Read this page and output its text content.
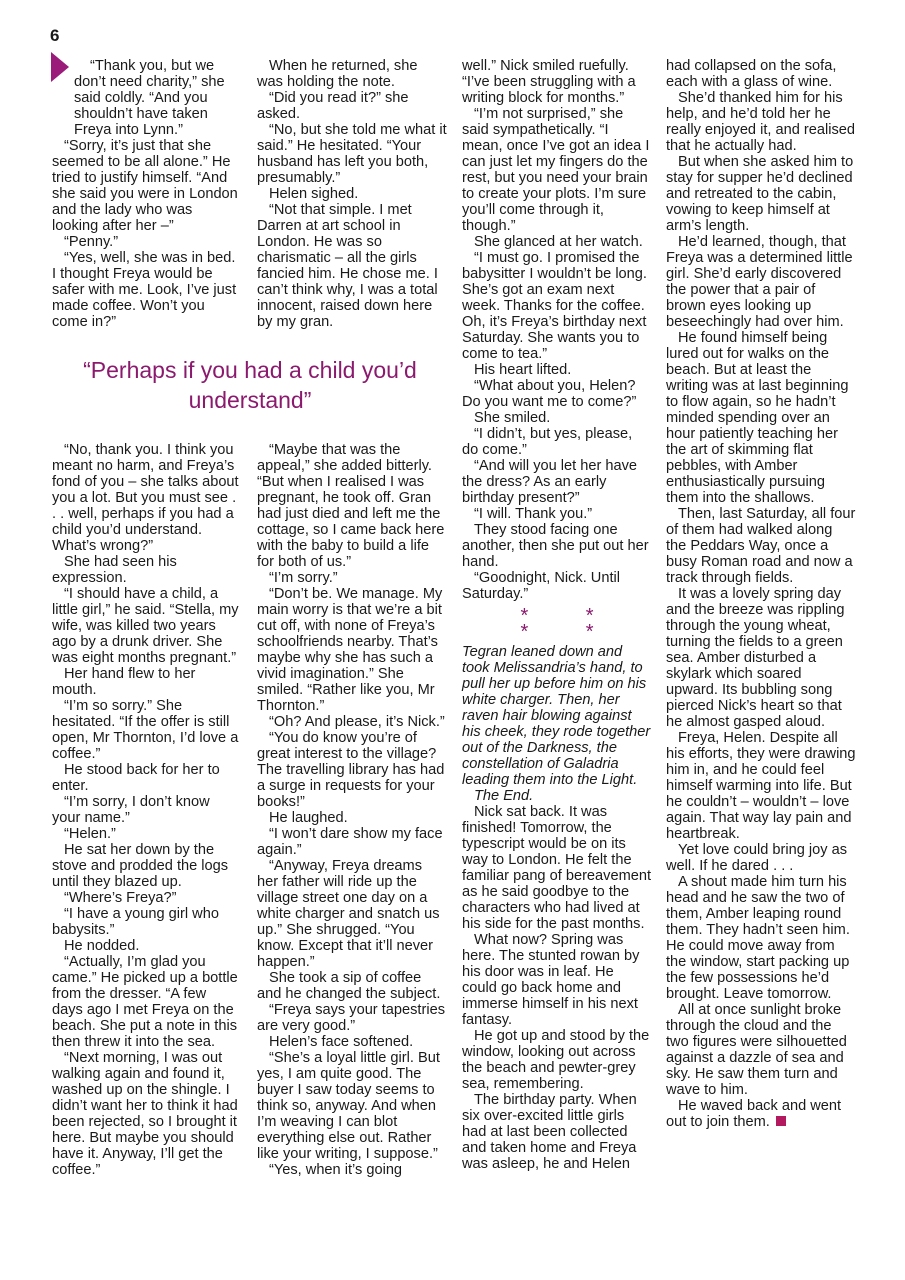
6

“Thank you, but we don’t need charity,” she said coldly. “And you shouldn’t have taken Freya into Lynn.”

“Sorry, it’s just that she seemed to be all alone.” He tried to justify himself. “And she said you were in London and the lady who was looking after her –”

“Penny.”

“Yes, well, she was in bed. I thought Freya would be safer with me. Look, I’ve just made coffee. Won’t you come in?”

When he returned, she was holding the note.

“Did you read it?” she asked.

“No, but she told me what it said.” He hesitated. “Your husband has left you both, presumably.”

Helen sighed.

“Not that simple. I met Darren at art school in London. He was so charismatic – all the girls fancied him. He chose me. I can’t think why, I was a total innocent, raised down here by my gran.

“Perhaps if you had a child you’d understand”

“No, thank you. I think you meant no harm, and Freya’s fond of you – she talks about you a lot. But you must see . . . well, perhaps if you had a child you’d understand. What’s wrong?”

She had seen his expression.

“I should have a child, a little girl,” he said. “Stella, my wife, was killed two years ago by a drunk driver. She was eight months pregnant.”

Her hand flew to her mouth.

“I’m so sorry.” She hesitated. “If the offer is still open, Mr Thornton, I’d love a coffee.”

He stood back for her to enter.

“I’m sorry, I don’t know your name.”

“Helen.”

He sat her down by the stove and prodded the logs until they blazed up.

“Where’s Freya?”

“I have a young girl who babysits.”

He nodded.

“Actually, I’m glad you came.” He picked up a bottle from the dresser. “A few days ago I met Freya on the beach. She put a note in this then threw it into the sea.

“Next morning, I was out walking again and found it, washed up on the shingle. I didn’t want her to think it had been rejected, so I brought it here. But maybe you should have it. Anyway, I’ll get the coffee.”

“Maybe that was the appeal,” she added bitterly. “But when I realised I was pregnant, he took off. Gran had just died and left me the cottage, so I came back here with the baby to build a life for both of us.”

“I’m sorry.”

“Don’t be. We manage. My main worry is that we’re a bit cut off, with none of Freya’s schoolfriends nearby. That’s maybe why she has such a vivid imagination.” She smiled. “Rather like you, Mr Thornton.”

“Oh? And please, it’s Nick.”

“You do know you’re of great interest to the village? The travelling library has had a surge in requests for your books!”

He laughed.

“I won’t dare show my face again.”

“Anyway, Freya dreams her father will ride up the village street one day on a white charger and snatch us up.” She shrugged. “You know. Except that it’ll never happen.”

She took a sip of coffee and he changed the subject.

“Freya says your tapestries are very good.”

Helen’s face softened.

“She’s a loyal little girl. But yes, I am quite good. The buyer I saw today seems to think so, anyway. And when I’m weaving I can blot everything else out. Rather like your writing, I suppose.”

“Yes, when it’s going

well.” Nick smiled ruefully. “I’ve been struggling with a writing block for months.”

“I’m not surprised,” she said sympathetically. “I mean, once I’ve got an idea I can just let my fingers do the rest, but you need your brain to create your plots. I’m sure you’ll come through it, though.”

She glanced at her watch.

“I must go. I promised the babysitter I wouldn’t be long. She’s got an exam next week. Thanks for the coffee. Oh, it’s Freya’s birthday next Saturday. She wants you to come to tea.”

His heart lifted.

“What about you, Helen? Do you want me to come?”

She smiled.

“I didn’t, but yes, please, do come.”

“And will you let her have the dress? As an early birthday present?”

“I will. Thank you.”

They stood facing one another, then she put out her hand.

“Goodnight, Nick. Until Saturday.”

* * * *

Tegran leaned down and took Melissandria’s hand, to pull her up before him on his white charger. Then, her raven hair blowing against his cheek, they rode together out of the Darkness, the constellation of Galadria leading them into the Light.

The End.

Nick sat back. It was finished! Tomorrow, the typescript would be on its way to London. He felt the familiar pang of bereavement as he said goodbye to the characters who had lived at his side for the past months.

What now? Spring was here. The stunted rowan by his door was in leaf. He could go back home and immerse himself in his next fantasy.

He got up and stood by the window, looking out across the beach and pewter-grey sea, remembering.

The birthday party. When six over-excited little girls had at last been collected and taken home and Freya was asleep, he and Helen

had collapsed on the sofa, each with a glass of wine.

She’d thanked him for his help, and he’d told her he really enjoyed it, and realised that he actually had.

But when she asked him to stay for supper he’d declined and retreated to the cabin, vowing to keep himself at arm’s length.

He’d learned, though, that Freya was a determined little girl. She’d early discovered the power that a pair of brown eyes looking up beseechingly had over him.

He found himself being lured out for walks on the beach. But at least the writing was at last beginning to flow again, so he hadn’t minded spending over an hour patiently teaching her the art of skimming flat pebbles, with Amber enthusiastically pursuing them into the shallows.

Then, last Saturday, all four of them had walked along the Peddars Way, once a busy Roman road and now a track through fields.

It was a lovely spring day and the breeze was rippling through the young wheat, turning the fields to a green sea. Amber disturbed a skylark which soared upward. Its bubbling song pierced Nick’s heart so that he almost gasped aloud.

Freya, Helen. Despite all his efforts, they were drawing him in, and he could feel himself warming into life. But he couldn’t – wouldn’t – love again. That way lay pain and heartbreak.

Yet love could bring joy as well. If he dared . . .

A shout made him turn his head and he saw the two of them, Amber leaping round them. They hadn’t seen him. He could move away from the window, start packing up the few possessions he’d brought. Leave tomorrow.

All at once sunlight broke through the cloud and the two figures were silhouetted against a dazzle of sea and sky. He saw them turn and wave to him.

He waved back and went out to join them.
